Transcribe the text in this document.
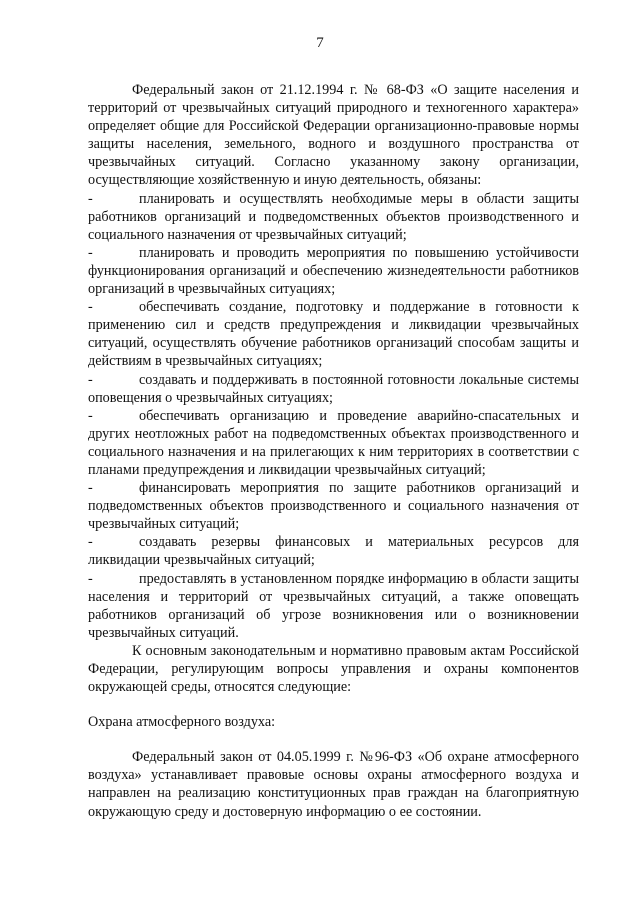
7

Федеральный закон от 21.12.1994 г. № 68-ФЗ «О защите населения и территорий от чрезвычайных ситуаций природного и техногенного характера» определяет общие для Российской Федерации организационно-правовые нормы защиты населения, земельного, водного и воздушного пространства от чрезвычайных ситуаций. Согласно указанному закону организации, осуществляющие хозяйственную и иную деятельность, обязаны:

-	планировать и осуществлять необходимые меры в области защиты работников организаций и подведомственных объектов производственного и социального назначения от чрезвычайных ситуаций;

-	планировать и проводить мероприятия по повышению устойчивости функционирования организаций и обеспечению жизнедеятельности работников организаций в чрезвычайных ситуациях;

-	обеспечивать создание, подготовку и поддержание в готовности к применению сил и средств предупреждения и ликвидации чрезвычайных ситуаций, осуществлять обучение работников организаций способам защиты и действиям в чрезвычайных ситуациях;

-	создавать и поддерживать в постоянной готовности локальные системы оповещения о чрезвычайных ситуациях;

-	обеспечивать организацию и проведение аварийно-спасательных и других неотложных работ на подведомственных объектах производственного и социального назначения и на прилегающих к ним территориях в соответствии с планами предупреждения и ликвидации чрезвычайных ситуаций;

-	финансировать мероприятия по защите работников организаций и подведомственных объектов производственного и социального назначения от чрезвычайных ситуаций;

-	создавать резервы финансовых и материальных ресурсов для ликвидации чрезвычайных ситуаций;

-	предоставлять в установленном порядке информацию в области защиты населения и территорий от чрезвычайных ситуаций, а также оповещать работников организаций об угрозе возникновения или о возникновении чрезвычайных ситуаций.

К основным законодательным и нормативно правовым актам Российской Федерации, регулирующим вопросы управления и охраны компонентов окружающей среды, относятся следующие:

Охрана атмосферного воздуха:

Федеральный закон от 04.05.1999 г. №96-ФЗ «Об охране атмосферного воздуха» устанавливает правовые основы охраны атмосферного воздуха и направлен на реализацию конституционных прав граждан на благоприятную окружающую среду и достоверную информацию о ее состоянии.
